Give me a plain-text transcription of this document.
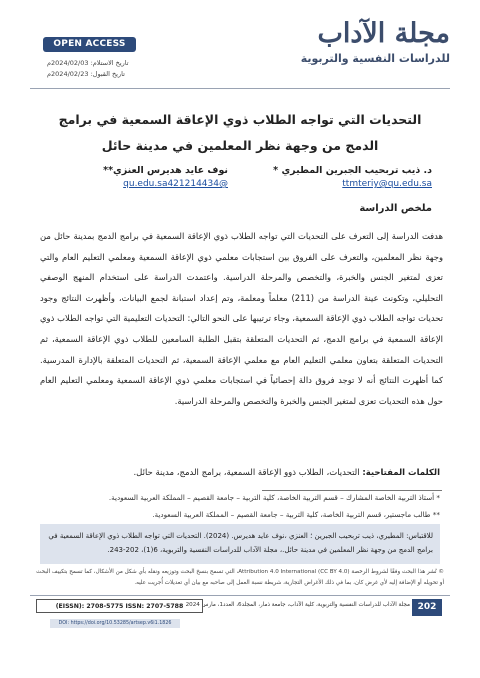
مجلة الآداب
للدراسات النفسية والتربوية
OPEN ACCESS
تاريخ الاستلام: 2024/02/03م
تاريخ القبول: 2024/02/23م
التحديات التي تواجه الطلاب ذوي الإعاقة السمعية في برامج الدمج من وجهة نظر المعلمين في مدينة حائل
د. ذيب تربحيب الجبرين المطيري *
ttmteriy@qu.edu.sa
نوف عايد هديرس العنزي**
@qu.edu.sa421214434
ملخص الدراسة
هدفت الدراسة إلى التعرف على التحديات التي تواجه الطلاب ذوي الإعاقة السمعية في برامج الدمج بمدينة حائل من وجهة نظر المعلمين، والتعرف على الفروق بين استجابات معلمي ذوي الإعاقة السمعية ومعلمي التعليم العام والتي تعزى لمتغير الجنس والخبرة، والتخصص والمرحلة الدراسية. واعتمدت الدراسة على استخدام المنهج الوصفي التحليلي، وتكونت عينة الدراسة من (211) معلماً ومعلمة، وتم إعداد استبانة لجمع البيانات، وأظهرت النتائج وجود تحديات تواجه الطلاب ذوي الإعاقة السمعية، وجاء ترتيبها على النحو التالي: التحديات التعليمية التي تواجه الطلاب ذوي الإعاقة السمعية في برامج الدمج، ثم التحديات المتعلقة بتقبل الطلبة السامعين للطلاب ذوي الإعاقة السمعية، ثم التحديات المتعلقة بتعاون معلمي التعليم العام مع معلمي الإعاقة السمعية، ثم التحديات المتعلقة بالإدارة المدرسية. كما أظهرت النتائج أنه لا توجد فروق دالة إحصائياً في استجابات معلمي ذوي الإعاقة السمعية ومعلمي التعليم العام حول هذه التحديات تعزى لمتغير الجنس والخبرة والتخصص والمرحلة الدراسية.
الكلمات المفتاحية: التحديات، الطلاب ذوو الإعاقة السمعية، برامج الدمج، مدينة حائل.
* أستاذ التربية الخاصة المشارك – قسم التربية الخاصة، كلية التربية – جامعة القصيم – المملكة العربية السعودية.
** طالب ماجستير، قسم التربية الخاصة، كلية التربية – جامعة القصيم – المملكة العربية السعودية.
للاقتباس: المطيري، ذيب تربحيب الجبرين ؛ العنزي ،نوف عايد هديرس. (2024). التحديات التي تواجه الطلاب ذوي الإعاقة السمعية في برامج الدمج من وجهة نظر المعلمين في مدينة حائل.، مجلة الآداب للدراسات النفسية والتربوية، 6(1)، 202-243.
© نُشر هذا البحث وفقًا لشروط الرخصة (CC BY 4.0) Attribution 4.0 International، التي تسمح بنسخ البحث وتوزيعه ونقله بأي شكل من الأشكال، كما تسمح بتكييف البحث أو تحويله أو الإضافة إليه لأي غرض كان، بما في ذلك الأغراض التجارية، شريطة نسبة العمل إلى صاحبه مع بيان أي تعديلات أُجريت عليه.
202
مجلة الآداب للدراسات النفسية والتربوية، كلية الآداب، جامعة ذمار، المجلد6، العدد1، مارس 2024
(EISSN): 2708-5775 ISSN: 2707-5788
DOI: https://doi.org/10.53285/artsep.v6i1.1826
